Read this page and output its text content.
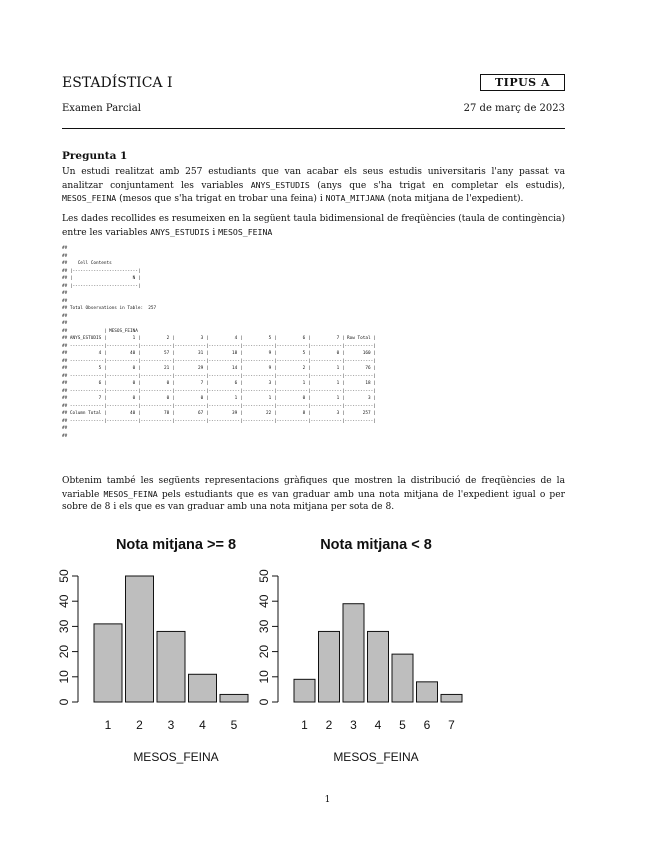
ESTADÍSTICA I	TIPUS A
Examen Parcial	27 de març de 2023
Pregunta 1
Un estudi realitzat amb 257 estudiants que van acabar els seus estudis universitaris l'any passat va analitzar conjuntament les variables ANYS_ESTUDIS (anys que s'ha trigat en completar els estudis), MESOS_FEINA (mesos que s'ha trigat en trobar una feina) i NOTA_MITJANA (nota mitjana de l'expedient).
Les dades recollides es resumeixen en la següent taula bidimensional de freqüències (taula de contingència) entre les variables ANYS_ESTUDIS i MESOS_FEINA
##
##
##    Cell Contents
## |-------------------------|
## |                       N |
## |-------------------------|
##
##
## Total Observations in Table:  257
##
##
##              | MESOS_FEINA
## ANYS_ESTUDIS |          1 |          2 |          3 |          4 |          5 |          6 |          7 | Row Total |
## -------------|------------|------------|------------|------------|------------|------------|------------|-----------|
##            4 |         40 |         57 |         31 |         18 |          9 |          5 |          0 |       160 |
## -------------|------------|------------|------------|------------|------------|------------|------------|-----------|
##            5 |          0 |         21 |         29 |         14 |          9 |          2 |          1 |        76 |
## -------------|------------|------------|------------|------------|------------|------------|------------|-----------|
##            6 |          0 |          0 |          7 |          6 |          3 |          1 |          1 |        18 |
## -------------|------------|------------|------------|------------|------------|------------|------------|-----------|
##            7 |          0 |          0 |          0 |          1 |          1 |          0 |          1 |         3 |
## -------------|------------|------------|------------|------------|------------|------------|------------|-----------|
## Column Total |         40 |         78 |         67 |         39 |         22 |          8 |          3 |       257 |
## -------------|------------|------------|------------|------------|------------|------------|------------|-----------|
##
##
Obtenim també les següents representacions gràfiques que mostren la distribució de freqüències de la variable MESOS_FEINA pels estudiants que es van graduar amb una nota mitjana de l'expedient igual o per sobre de 8 i els que es van graduar amb una nota mitjana per sota de 8.
Nota mitjana >= 8
0
10
20
30
40
50
1 2 3 4 5
MESOS_FEINA
Nota mitjana < 8
0
10
20
30
40
50
1 2 3 4 5 6 7
MESOS_FEINA
1
